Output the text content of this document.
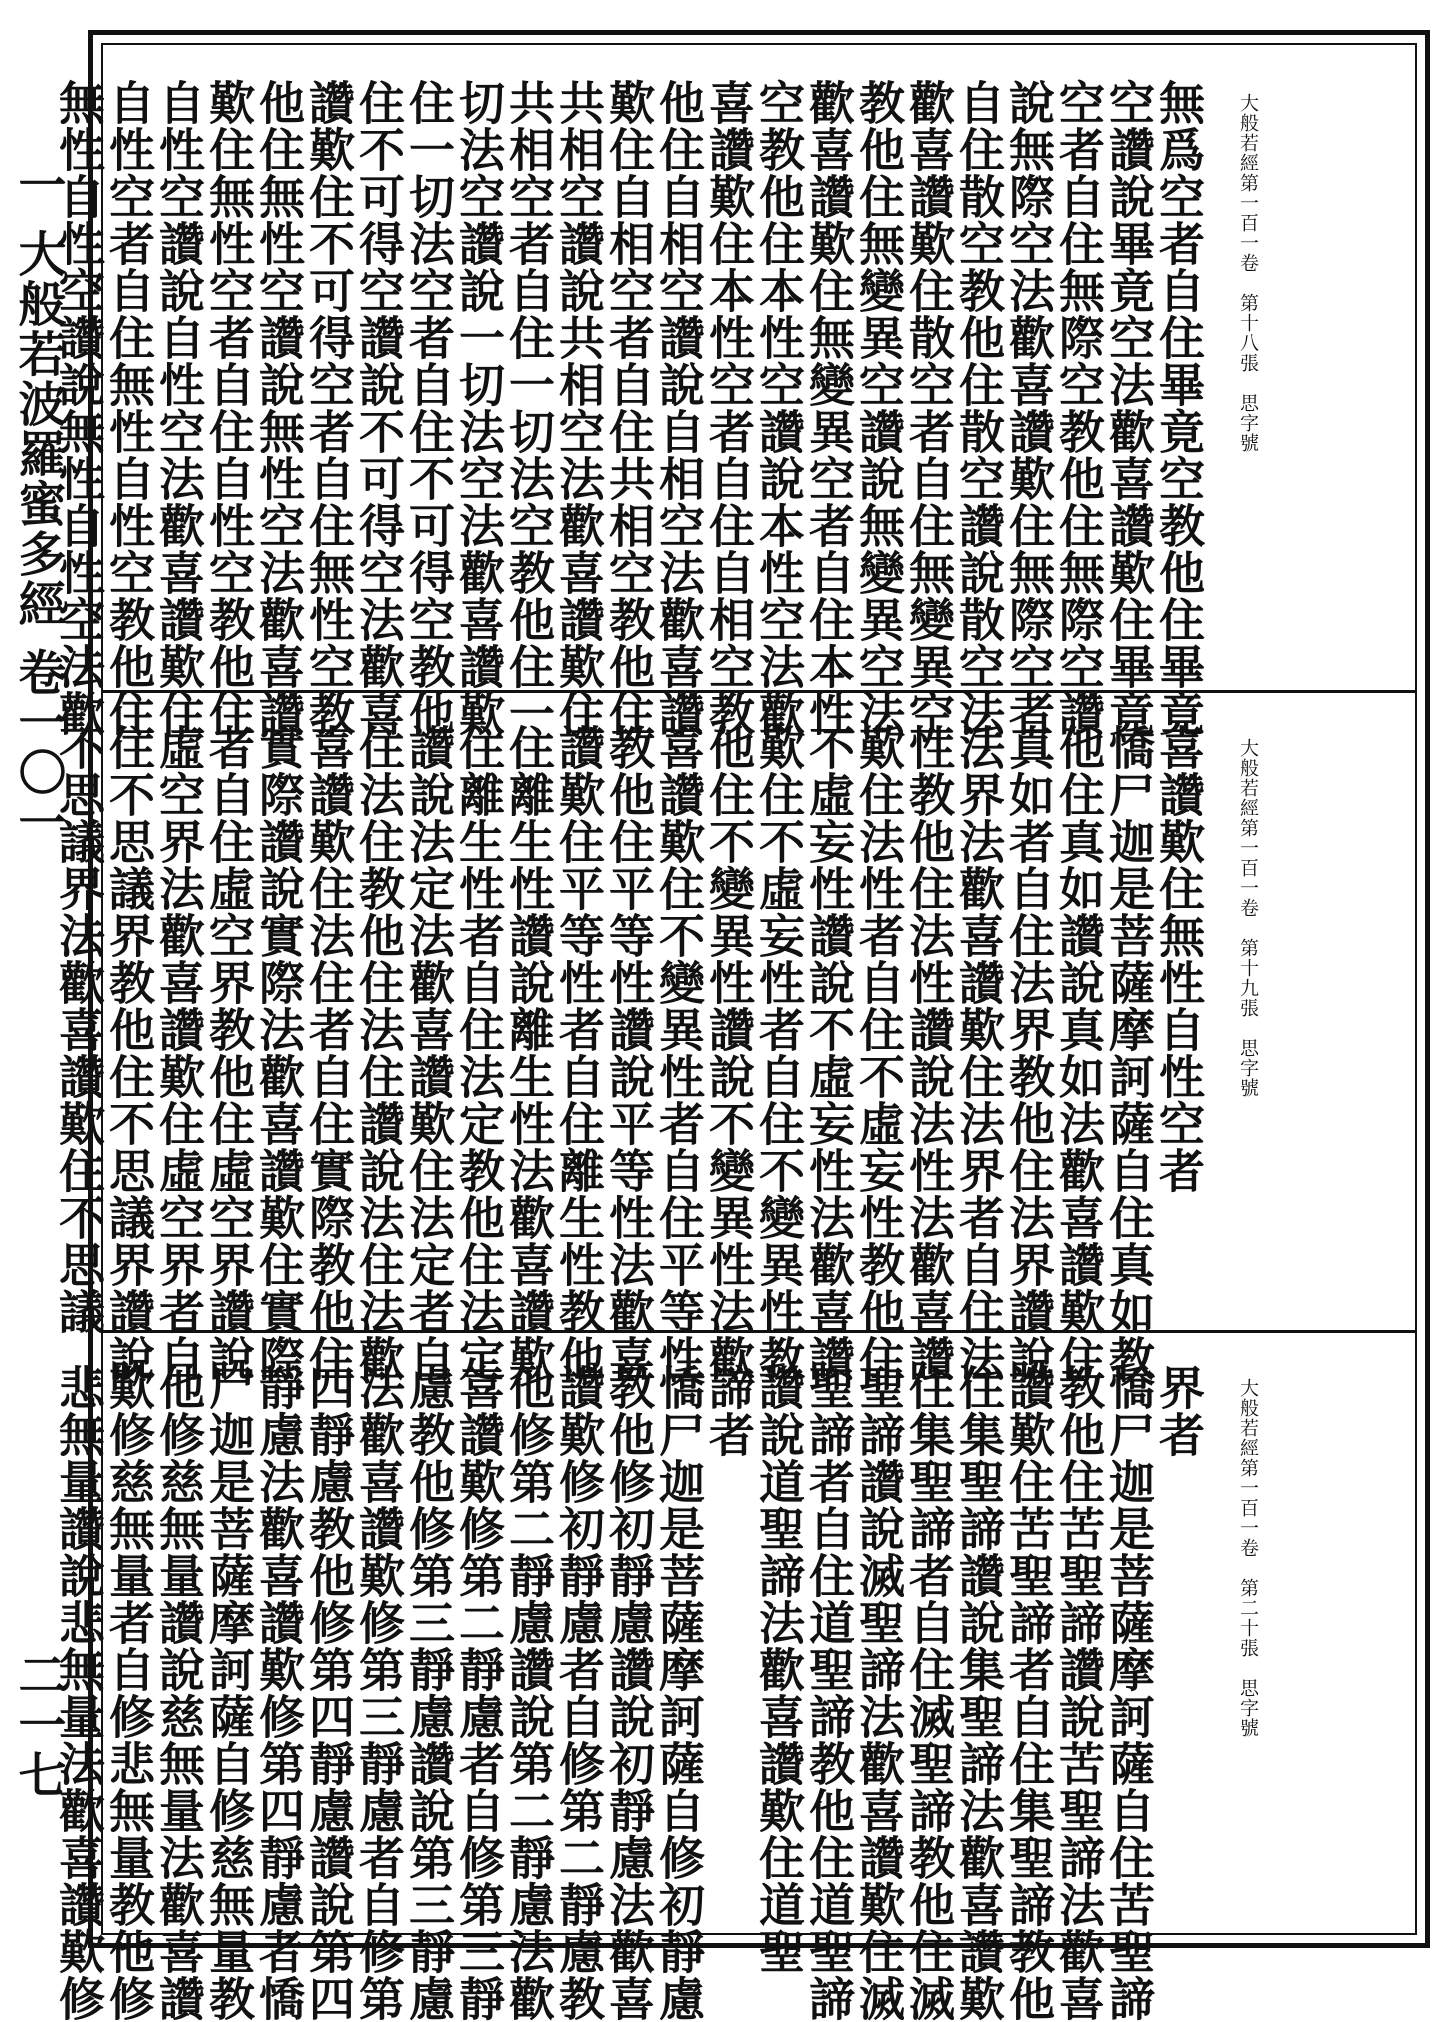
一 大般若波羅蜜多經 卷一〇一
二一七
大般若經第一百一卷　第十八張　思字號
無爲空者自住畢竟空教他住畢竟
空讚說畢竟空法歡喜讚歎住畢竟
空者自住無際空教他住無際空讚
說無際空法歡喜讚歎住無際空者
自住散空教他住散空讚說散空法
歡喜讚歎住散空者自住無變異空
教他住無變異空讚說無變異空法
歡喜讚歎住無變異空者自住本性
空教他住本性空讚說本性空法歡
喜讚歎住本性空者自住自相空教
他住自相空讚說自相空法歡喜讚
歎住自相空者自住共相空教他住
共相空讚說共相空法歡喜讚歎住
共相空者自住一切法空教他住一
切法空讚說一切法空法歡喜讚歎
住一切法空者自住不可得空教他
住不可得空讚說不可得空法歡喜
讚歎住不可得空者自住無性空教
他住無性空讚說無性空法歡喜讚
歎住無性空者自住自性空教他住
自性空讚說自性空法歡喜讚歎住
自性空者自住無性自性空教他住
無性自性空讚說無性自性空法歡
大般若經第一百一卷　第十九張　思字號
喜讚歎住無性自性空者
憍尸迦是菩薩摩訶薩自住真如教
他住真如讚說真如法歡喜讚歎住
真如者自住法界教他住法界讚說
法界法歡喜讚歎住法界者自住法
性教他住法性讚說法性法歡喜讚
歎住法性者自住不虛妄性教他住
不虛妄性讚說不虛妄性法歡喜讚
歎住不虛妄性者自住不變異性教
他住不變異性讚說不變異性法歡
喜讚歎住不變異性者自住平等性
教他住平等性讚說平等性法歡喜
讚歎住平等性者自住離生性教他
住離生性讚說離生性法歡喜讚歎
住離生性者自住法定教他住法定
讚說法定法歡喜讚歎住法定者自
住法住教他住法住讚說法住法歡
喜讚歎住法住者自住實際教他住
實際讚說實際法歡喜讚歎住實際
者自住虛空界教他住虛空界讚說
虛空界法歡喜讚歎住虛空界者自
住不思議界教他住不思議界讚說
不思議界法歡喜讚歎住不思議
大般若經第一百一卷　第二十張　思字號
界者
憍尸迦是菩薩摩訶薩自住苦聖諦
教他住苦聖諦讚說苦聖諦法歡喜
讚歎住苦聖諦者自住集聖諦教他
住集聖諦讚說集聖諦法歡喜讚歎
住集聖諦者自住滅聖諦教他住滅
聖諦讚說滅聖諦法歡喜讚歎住滅
聖諦者自住道聖諦教他住道聖諦
讚說道聖諦法歡喜讚歎住道聖
諦者
憍尸迦是菩薩摩訶薩自修初靜慮
教他修初靜慮讚說初靜慮法歡喜
讚歎修初靜慮者自修第二靜慮教
他修第二靜慮讚說第二靜慮法歡
喜讚歎修第二靜慮者自修第三靜
慮教他修第三靜慮讚說第三靜慮
法歡喜讚歎修第三靜慮者自修第
四靜慮教他修第四靜慮讚說第四
靜慮法歡喜讚歎修第四靜慮者憍
尸迦是菩薩摩訶薩自修慈無量教
他修慈無量讚說慈無量法歡喜讚
歎修慈無量者自修悲無量教他修
悲無量讚說悲無量法歡喜讚歎修
